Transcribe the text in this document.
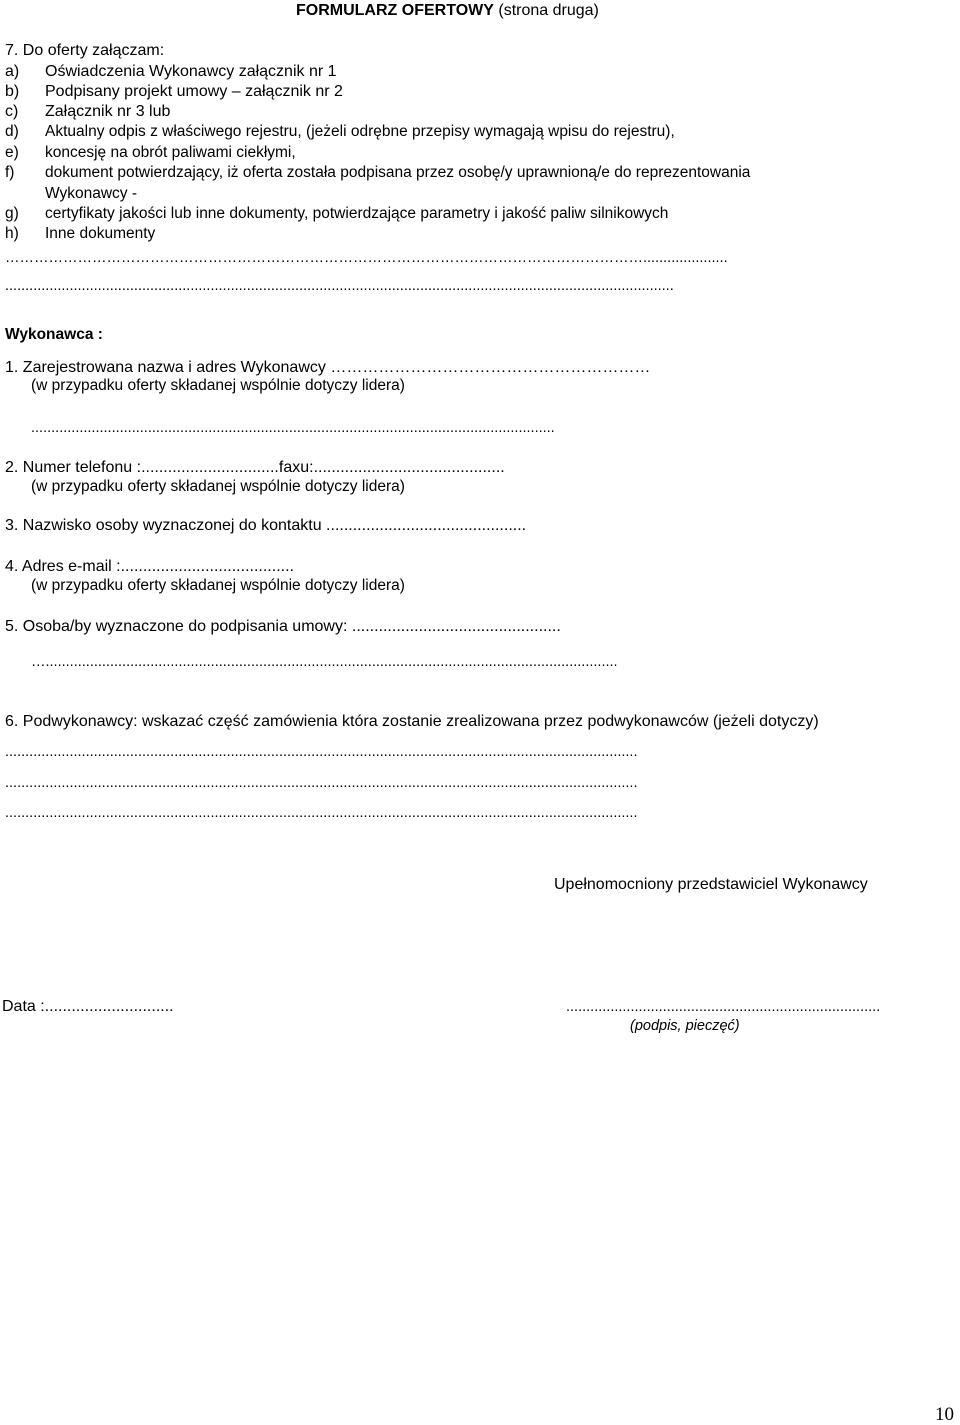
FORMULARZ OFERTOWY (strona druga)
7. Do oferty załączam:
a) Oświadczenia Wykonawcy załącznik nr 1
b) Podpisany projekt umowy – załącznik nr 2
c) Załącznik nr 3 lub
d) Aktualny odpis z właściwego rejestru, (jeżeli odrębne przepisy wymagają wpisu do rejestru),
e) koncesję na obrót paliwami ciekłymi,
f) dokument potwierdzający, iż oferta została podpisana przez osobę/y uprawnioną/e do reprezentowania
Wykonawcy -
g) certyfikaty jakości lub inne dokumenty, potwierdzające parametry i jakość paliw silnikowych
h) Inne dokumenty
…………………………………………………………………………………………………………………….....................
......................................................................................................................................................................
Wykonawca :
1. Zarejestrowana nazwa i adres Wykonawcy ……………………………………………………
(w przypadku oferty składanej wspólnie dotyczy lidera)
..................................................................................................................................
2. Numer telefonu :...............................faxu:...........................................
(w przypadku oferty składanej wspólnie dotyczy lidera)
3. Nazwisko osoby wyznaczonej do kontaktu .............................................
4. Adres e-mail :.......................................
(w przypadku oferty składanej wspólnie dotyczy lidera)
5. Osoba/by wyznaczone do podpisania umowy: ...............................................
…..............................................................................................................................................
6. Podwykonawcy: wskazać część zamówienia która zostanie zrealizowana przez podwykonawców (jeżeli dotyczy)
.............................................................................................................................................................
.............................................................................................................................................................
.............................................................................................................................................................
Upełnomocniony przedstawiciel Wykonawcy
Data :.............................	..............................................................................
(podpis, pieczęć)
10
